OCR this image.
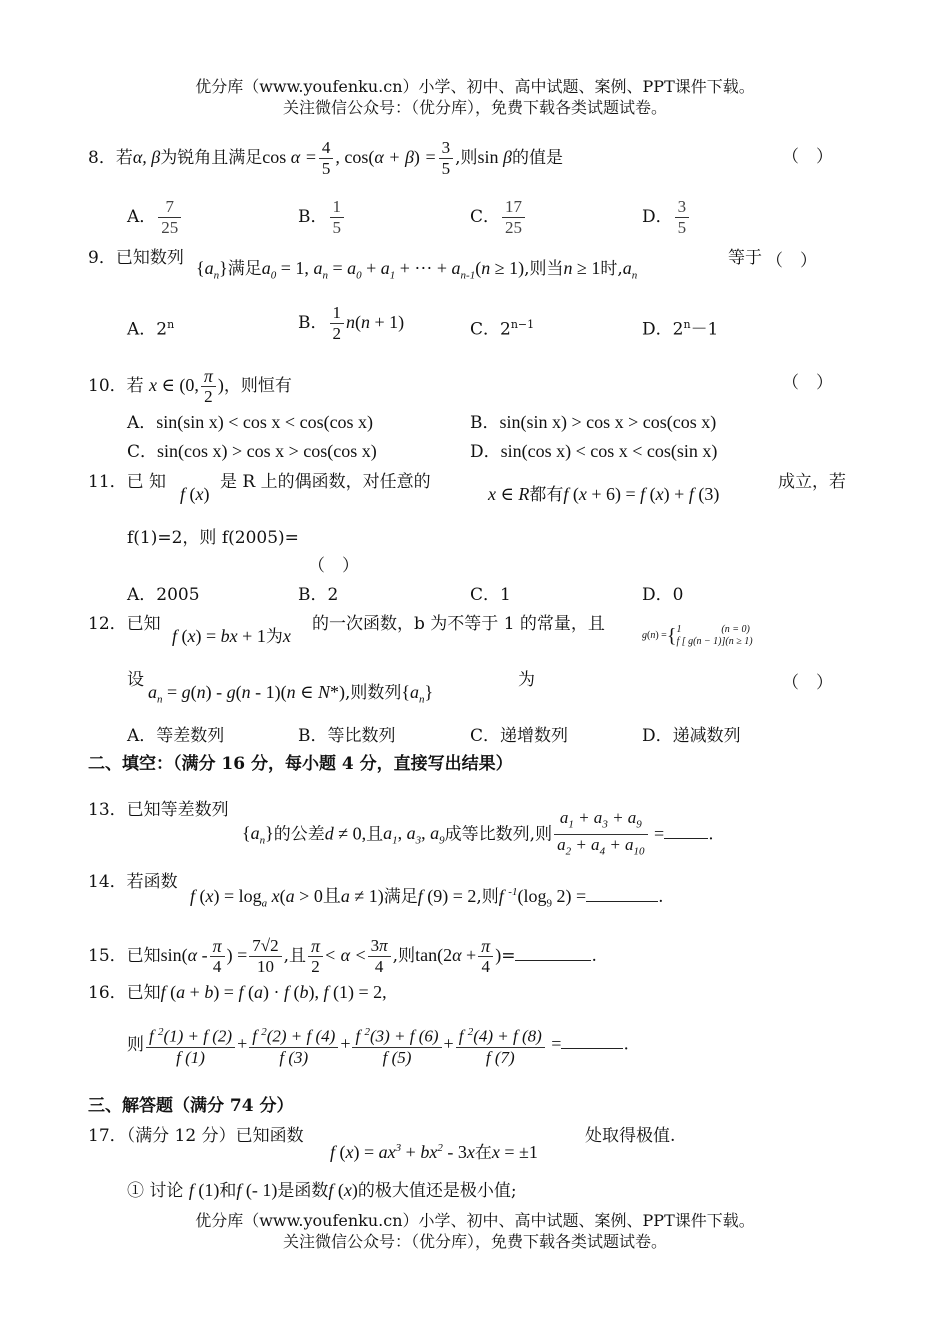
优分库（www.youfenku.cn）小学、初中、高中试题、案例、PPT课件下载。
关注微信公众号：（优分库），免费下载各类试题试卷。
8．若α, β为锐角且满足$\cos \alpha = \frac{4}{5}$ , $\cos(\alpha + \beta) = \frac{3}{5}$ ,则sin β的值是	（　）
A． $\frac{7}{25}$	B． $\frac{1}{5}$	C． $\frac{17}{25}$	D． $\frac{3}{5}$
9．已知数列 $\{a_n\}$满足$a_0 = 1$, $a_n = a_0 + a_1$ + ··· + $a_{n-1}(n \ge 1)$,则当n ≥ 1时$,a_n$
等于 （　）
A．2$^n$	B． $\frac{1}{2} n(n + 1)$	C．$2^{n-1}$	D．$2^n-1$
10．若 x ∈ (0, $\frac{\pi}{2}$ )，则恒有	（　）
A．sin(sin x) < cos x < cos(cos x)	B．sin(sin x) > cos x > cos(cos x)
C．sin(cos x) > cos x > cos(cos x)	D．sin(cos x) < cos x < cos(sin x)
11．已 知
f (x)
是 R 上的偶函数，对任意的
x ∈ R都有f (x + 6) = f (x) + f (3)
成立，若
f(1)=2，则 f(2005)=
（　）
A．2005	B．2	C．1	D．0
12．已知
f (x) = bx + 1为x
的一次函数，b 为不等于 1 的常量，且
g(n) ={ 1　　　　(n = 0)
f [ g(n − 1)](n ≥ 1)
设
$a_n = g(n) - g(n - 1)(n$ ∈ N*),则数列$\{a_n\}$
为	（　）
A．等差数列	B．等比数列	C．递增数列	D．递减数列
二、填空：（满分 16 分，每小题 4 分，直接写出结果）
13．已知等差数列
$\{a_n\}$的公差d ≠ 0,且$a_1$, $a_3$, $a_9$成等比数列,则 $\frac{a_1 + a_3 + a_9}{a_2 + a_4 + a_{10}}$ =	.
14．若函数
f $(x) = \log_a x(a > 0$且a ≠ 1)满足f (9) = 2,则f $^{-1}(\log_9$ 2) =	.
15．已知$\sin(\alpha - \frac{\pi}{4}$ ) = $\frac{7√2}{10}$ ,且 $\frac{\pi}{2} < \alpha < \frac{3\pi}{4}$ ,则$\tan(2\alpha + \frac{\pi}{4}$ )=	.
16．已知f (a + b) = f (a) · f (b), f (1) = 2,
则 $\frac{f ^2(1) + f (2)}{f (1)} + \frac{f ^2(2) + f (4)}{f (3)} + \frac{f ^2(3) + f (6)}{f (5)} + \frac{f ^2(4) + f (8)}{f (7)}$ =	.
三、解答题（满分 74 分）
17．（满分 12 分）已知函数
f $(x) = ax^3 + bx^2 - 3x$在x = ±1
处取得极值.
① 讨论 f (1)和f (- 1)是函数f (x)的极大值还是极小值;
优分库（www.youfenku.cn）小学、初中、高中试题、案例、PPT课件下载。
关注微信公众号：（优分库），免费下载各类试题试卷。
